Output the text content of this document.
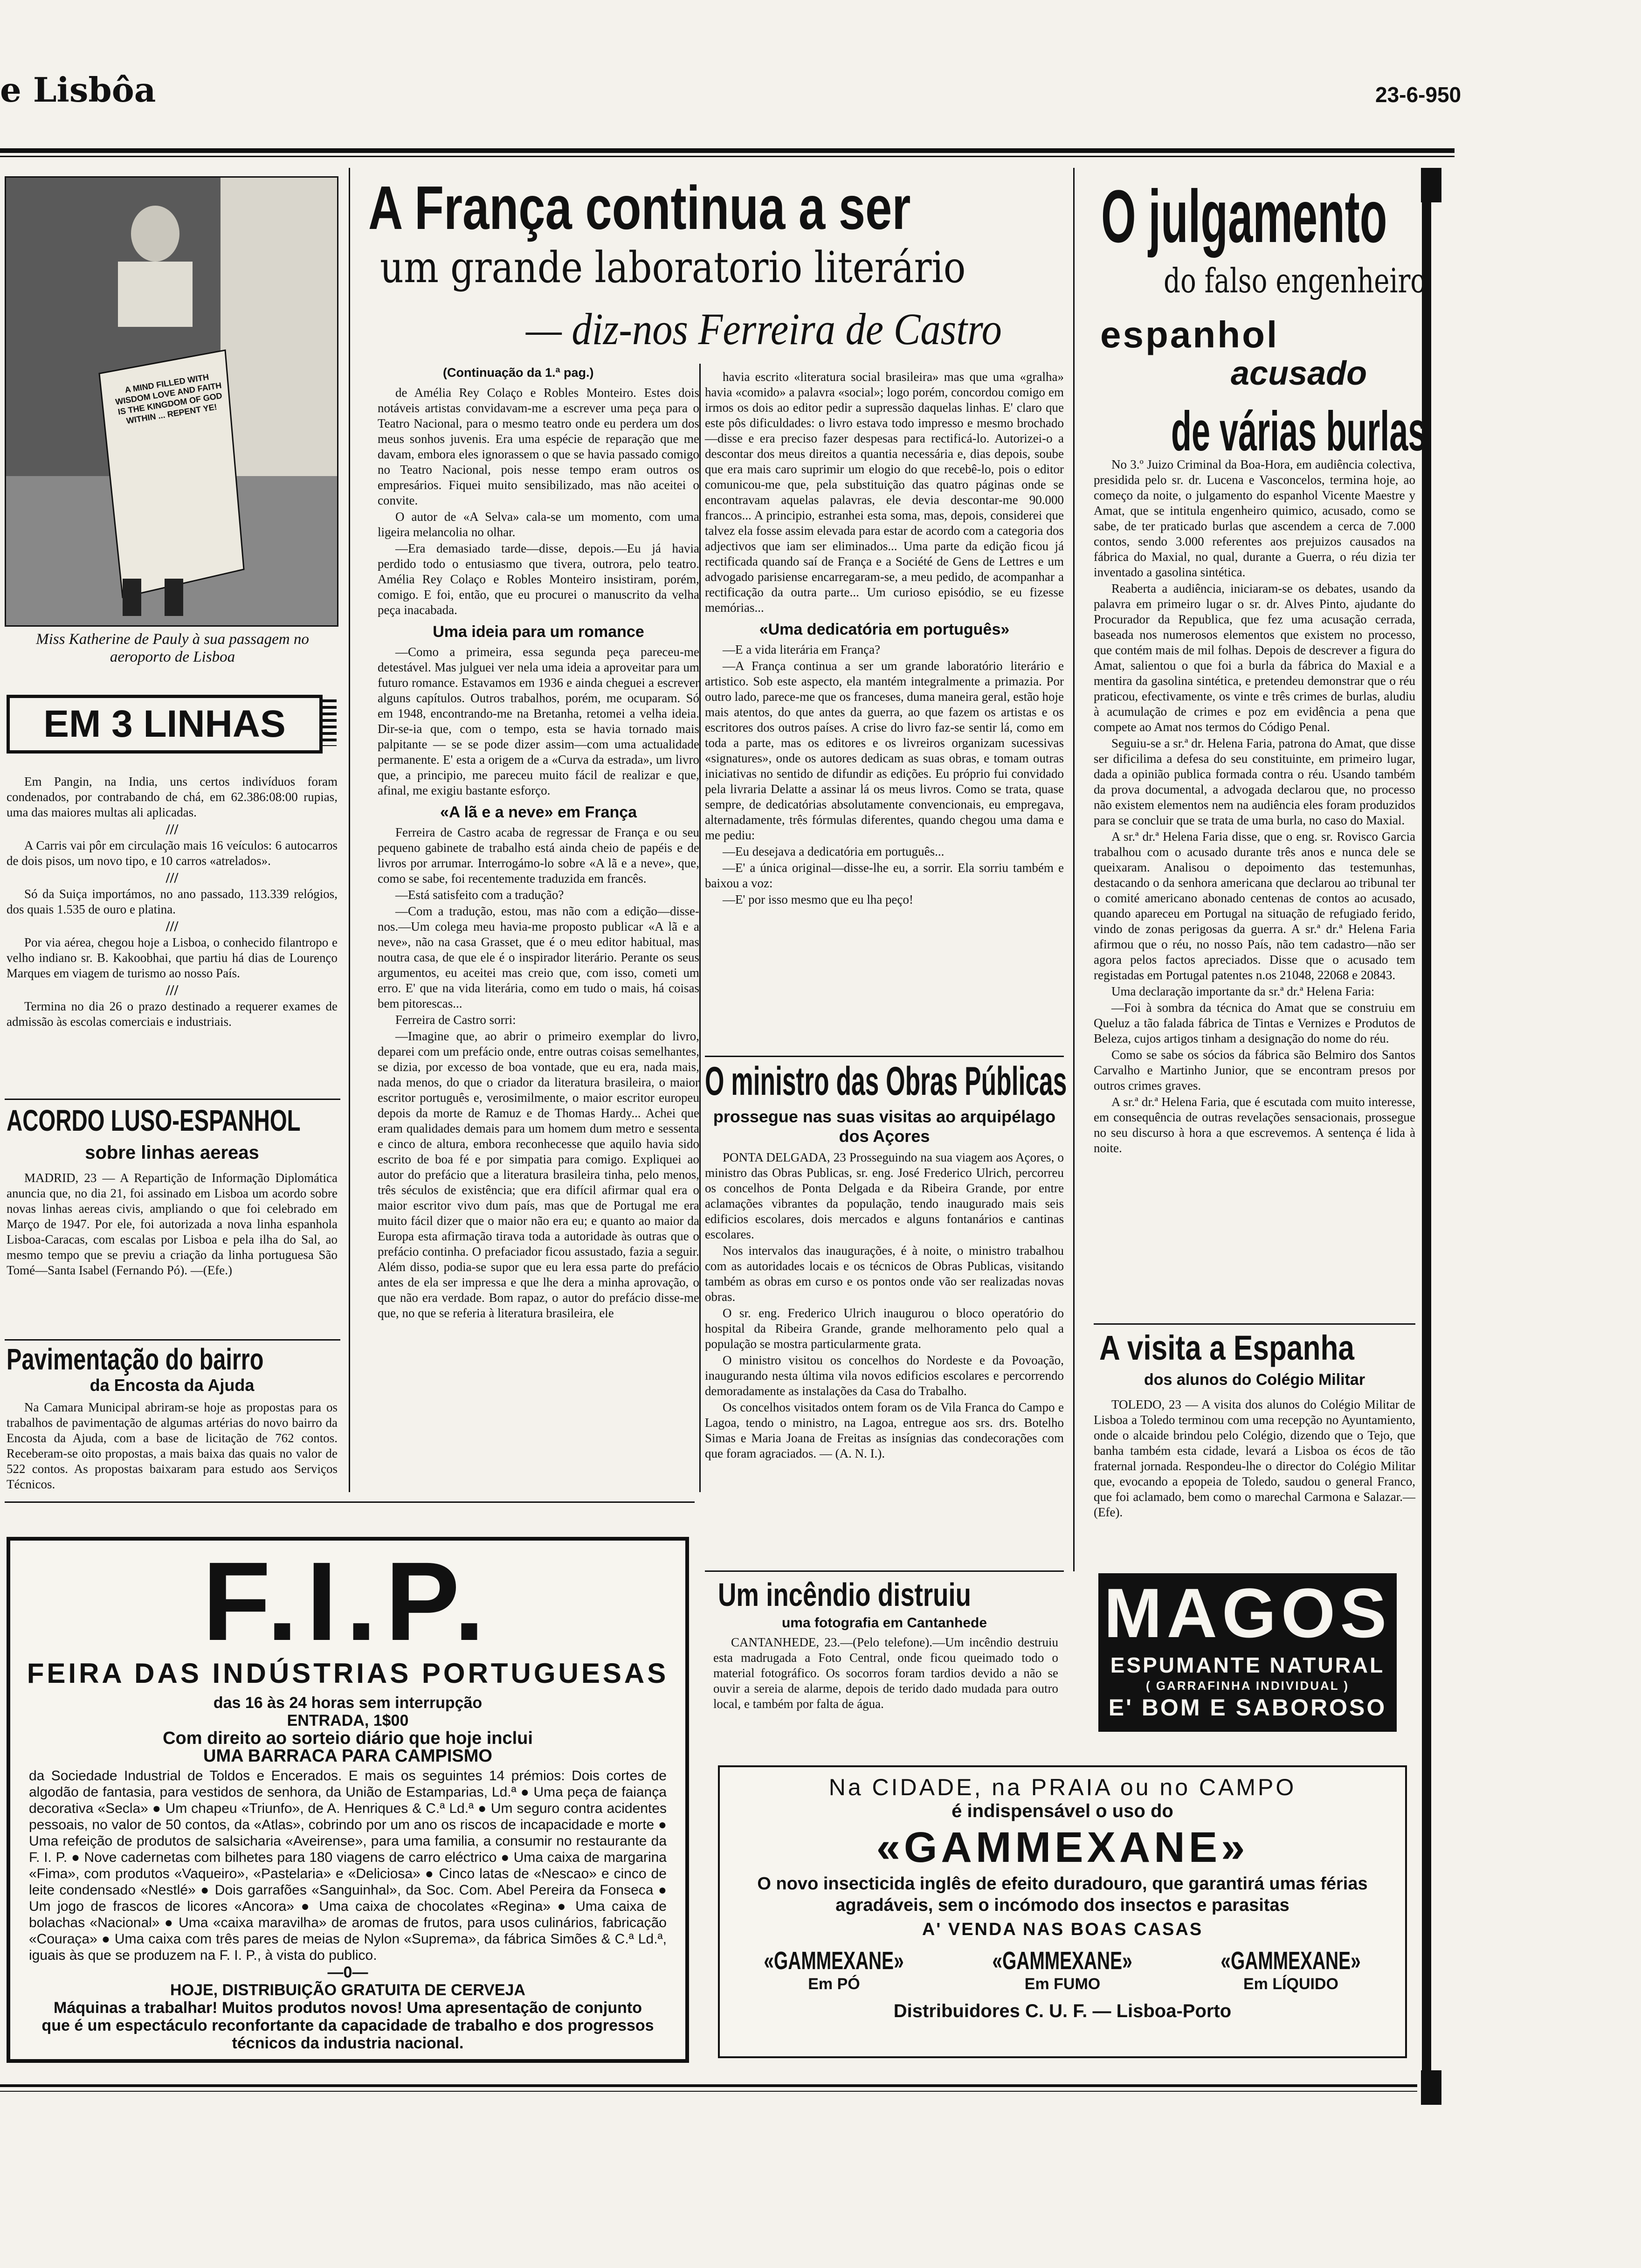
e Lisbôa	23-6-950
A MIND FILLED WITH WISDOM LOVE AND FAITH IS THE KINGDOM OF GOD WITHIN ... REPENT YE!
Miss Katherine de Pauly à sua passagem no aeroporto de Lisboa
EM 3 LINHAS

Em Pangin, na India, uns certos indivíduos foram condenados, por contrabando de chá, em 62.386:08:00 rupias, uma das maiores multas ali aplicadas.

///

A Carris vai pôr em circulação mais 16 veículos: 6 autocarros de dois pisos, um novo tipo, e 10 carros «atrelados».

///

Só da Suiça importámos, no ano passado, 113.339 relógios, dos quais 1.535 de ouro e platina.

///

Por via aérea, chegou hoje a Lisboa, o conhecido filantropo e velho indiano sr. B. Kakoobhai, que partiu há dias de Lourenço Marques em viagem de turismo ao nosso País.

///

Termina no dia 26 o prazo destinado a requerer exames de admissão às escolas comerciais e industriais.

ACORDO LUSO-ESPANHOL
sobre linhas aereas

MADRID, 23 — A Repartição de Informação Diplomática anuncia que, no dia 21, foi assinado em Lisboa um acordo sobre novas linhas aereas civis, ampliando o que foi celebrado em Março de 1947. Por ele, foi autorizada a nova linha espanhola Lisboa-Caracas, com escalas por Lisboa e pela ilha do Sal, ao mesmo tempo que se previu a criação da linha portuguesa São Tomé—Santa Isabel (Fernando Pó). —(Efe.)

Pavimentação do bairro
da Encosta da Ajuda

Na Camara Municipal abriram-se hoje as propostas para os trabalhos de pavimentação de algumas artérias do novo bairro da Encosta da Ajuda, com a base de licitação de 762 contos. Receberam-se oito propostas, a mais baixa das quais no valor de 522 contos. As propostas baixaram para estudo aos Serviços Técnicos.

A França continua a ser
um grande laboratorio literário
— diz-nos Ferreira de Castro
(Continuação da 1.ª pag.)

de Amélia Rey Colaço e Robles Monteiro. Estes dois notáveis artistas convidavam-me a escrever uma peça para o Teatro Nacional, para o mesmo teatro onde eu perdera um dos meus sonhos juvenis. Era uma espécie de reparação que me davam, embora eles ignorassem o que se havia passado comigo no Teatro Nacional, pois nesse tempo eram outros os empresários. Fiquei muito sensibilizado, mas não aceitei o convite.

O autor de «A Selva» cala-se um momento, com uma ligeira melancolia no olhar.

—Era demasiado tarde—disse, depois.—Eu já havia perdido todo o entusiasmo que tivera, outrora, pelo teatro. Amélia Rey Colaço e Robles Monteiro insistiram, porém, comigo. E foi, então, que eu procurei o manuscrito da velha peça inacabada.

Uma ideia para um romance

—Como a primeira, essa segunda peça pareceu-me detestável. Mas julguei ver nela uma ideia a aproveitar para um futuro romance. Estavamos em 1936 e ainda cheguei a escrever alguns capítulos. Outros trabalhos, porém, me ocuparam. Só em 1948, encontrando-me na Bretanha, retomei a velha ideia. Dir-se-ia que, com o tempo, esta se havia tornado mais palpitante — se se pode dizer assim—com uma actualidade permanente. E' esta a origem de a «Curva da estrada», um livro que, a principio, me pareceu muito fácil de realizar e que, afinal, me exigiu bastante esforço.

«A lã e a neve» em França

Ferreira de Castro acaba de regressar de França e ou seu pequeno gabinete de trabalho está ainda cheio de papéis e de livros por arrumar. Interrogámo-lo sobre «A lã e a neve», que, como se sabe, foi recentemente traduzida em francês.

—Está satisfeito com a tradução?

—Com a tradução, estou, mas não com a edição—disse-nos.—Um colega meu havia-me proposto publicar «A lã e a neve», não na casa Grasset, que é o meu editor habitual, mas noutra casa, de que ele é o inspirador literário. Perante os seus argumentos, eu aceitei mas creio que, com isso, cometi um erro. E' que na vida literária, como em tudo o mais, há coisas bem pitorescas...

Ferreira de Castro sorri:

—Imagine que, ao abrir o primeiro exemplar do livro, deparei com um prefácio onde, entre outras coisas semelhantes, se dizia, por excesso de boa vontade, que eu era, nada mais, nada menos, do que o criador da literatura brasileira, o maior escritor português e, verosimilmente, o maior escritor europeu depois da morte de Ramuz e de Thomas Hardy... Achei que eram qualidades demais para um homem dum metro e sessenta e cinco de altura, embora reconhecesse que aquilo havia sido escrito de boa fé e por simpatia para comigo. Expliquei ao autor do prefácio que a literatura brasileira tinha, pelo menos, três séculos de existência; que era difícil afirmar qual era o maior escritor vivo dum país, mas que de Portugal me era muito fácil dizer que o maior não era eu; e quanto ao maior da Europa esta afirmação tirava toda a autoridade às outras que o prefácio continha. O prefaciador ficou assustado, fazia a seguir. Além disso, podia-se supor que eu lera essa parte do prefácio antes de ela ser impressa e que lhe dera a minha aprovação, o que não era verdade. Bom rapaz, o autor do prefácio disse-me que, no que se referia à literatura brasileira, ele

havia escrito «literatura social brasileira» mas que uma «gralha» havia «comido» a palavra «social»; logo porém, concordou comigo em irmos os dois ao editor pedir a supressão daquelas linhas. E' claro que este pôs dificuldades: o livro estava todo impresso e mesmo brochado—disse e era preciso fazer despesas para rectificá-lo. Autorizei-o a descontar dos meus direitos a quantia necessária e, dias depois, soube que era mais caro suprimir um elogio do que recebê-lo, pois o editor comunicou-me que, pela substituição das quatro páginas onde se encontravam aquelas palavras, ele devia descontar-me 90.000 francos... A principio, estranhei esta soma, mas, depois, considerei que talvez ela fosse assim elevada para estar de acordo com a categoria dos adjectivos que iam ser eliminados... Uma parte da edição ficou já rectificada quando saí de França e a Société de Gens de Lettres e um advogado parisiense encarregaram-se, a meu pedido, de acompanhar a rectificação da outra parte... Um curioso episódio, se eu fizesse memórias...

«Uma dedicatória em português»

—E a vida literária em França?

—A França continua a ser um grande laboratório literário e artistico. Sob este aspecto, ela mantém integralmente a primazia. Por outro lado, parece-me que os franceses, duma maneira geral, estão hoje mais atentos, do que antes da guerra, ao que fazem os artistas e os escritores dos outros países. A crise do livro faz-se sentir lá, como em toda a parte, mas os editores e os livreiros organizam sucessivas «signatures», onde os autores dedicam as suas obras, e tomam outras iniciativas no sentido de difundir as edições. Eu próprio fui convidado pela livraria Delatte a assinar lá os meus livros. Como se trata, quase sempre, de dedicatórias absolutamente convencionais, eu empregava, alternadamente, três fórmulas diferentes, quando chegou uma dama e me pediu:

—Eu desejava a dedicatória em português...

—E' a única original—disse-lhe eu, a sorrir. Ela sorriu também e baixou a voz:

—E' por isso mesmo que eu lha peço!

O ministro das Obras Públicas
prossegue nas suas visitas ao arquipélago dos Açores

PONTA DELGADA, 23 Prosseguindo na sua viagem aos Açores, o ministro das Obras Publicas, sr. eng. José Frederico Ulrich, percorreu os concelhos de Ponta Delgada e da Ribeira Grande, por entre aclamações vibrantes da população, tendo inaugurado mais seis edificios escolares, dois mercados e alguns fontanários e cantinas escolares.

Nos intervalos das inaugurações, é à noite, o ministro trabalhou com as autoridades locais e os técnicos de Obras Publicas, visitando também as obras em curso e os pontos onde vão ser realizadas novas obras.

O sr. eng. Frederico Ulrich inaugurou o bloco operatório do hospital da Ribeira Grande, grande melhoramento pelo qual a população se mostra particularmente grata.

O ministro visitou os concelhos do Nordeste e da Povoação, inaugurando nesta última vila novos edificios escolares e percorrendo demoradamente as instalações da Casa do Trabalho.

Os concelhos visitados ontem foram os de Vila Franca do Campo e Lagoa, tendo o ministro, na Lagoa, entregue aos srs. drs. Botelho Simas e Maria Joana de Freitas as insígnias das condecorações com que foram agraciados. — (A. N. I.).

Um incêndio distruiu
uma fotografia em Cantanhede

CANTANHEDE, 23.—(Pelo telefone).—Um incêndio destruiu esta madrugada a Foto Central, onde ficou queimado todo o material fotográfico. Os socorros foram tardios devido a não se ouvir a sereia de alarme, depois de terido dado mudada para outro local, e também por falta de água.

O julgamento
do falso engenheiro
espanhol
acusado
de várias burlas

No 3.º Juizo Criminal da Boa-Hora, em audiência colectiva, presidida pelo sr. dr. Lucena e Vasconcelos, termina hoje, ao começo da noite, o julgamento do espanhol Vicente Maestre y Amat, que se intitula engenheiro quimico, acusado, como se sabe, de ter praticado burlas que ascendem a cerca de 7.000 contos, sendo 3.000 referentes aos prejuizos causados na fábrica do Maxial, no qual, durante a Guerra, o réu dizia ter inventado a gasolina sintética.

Reaberta a audiência, iniciaram-se os debates, usando da palavra em primeiro lugar o sr. dr. Alves Pinto, ajudante do Procurador da Republica, que fez uma acusação cerrada, baseada nos numerosos elementos que existem no processo, que contém mais de mil folhas. Depois de descrever a figura do Amat, salientou o que foi a burla da fábrica do Maxial e a mentira da gasolina sintética, e pretendeu demonstrar que o réu praticou, efectivamente, os vinte e três crimes de burlas, aludiu à acumulação de crimes e poz em evidência a pena que compete ao Amat nos termos do Código Penal.

Seguiu-se a sr.ª dr. Helena Faria, patrona do Amat, que disse ser dificilima a defesa do seu constituinte, em primeiro lugar, dada a opinião publica formada contra o réu. Usando também da prova documental, a advogada declarou que, no processo não existem elementos nem na audiência eles foram produzidos para se concluir que se trata de uma burla, no caso do Maxial.

A sr.ª dr.ª Helena Faria disse, que o eng. sr. Rovisco Garcia trabalhou com o acusado durante três anos e nunca dele se queixaram. Analisou o depoimento das testemunhas, destacando o da senhora americana que declarou ao tribunal ter o comité americano abonado centenas de contos ao acusado, quando apareceu em Portugal na situação de refugiado ferido, vindo de zonas perigosas da guerra. A sr.ª dr.ª Helena Faria afirmou que o réu, no nosso País, não tem cadastro—não ser agora pelos factos apreciados. Disse que o acusado tem registadas em Portugal patentes n.os 21048, 22068 e 20843.

Uma declaração importante da sr.ª dr.ª Helena Faria:

—Foi à sombra da técnica do Amat que se construiu em Queluz a tão falada fábrica de Tintas e Vernizes e Produtos de Beleza, cujos artigos tinham a designação do nome do réu.

Como se sabe os sócios da fábrica são Belmiro dos Santos Carvalho e Martinho Junior, que se encontram presos por outros crimes graves.

A sr.ª dr.ª Helena Faria, que é escutada com muito interesse, em consequência de outras revelações sensacionais, prossegue no seu discurso à hora a que escrevemos. A sentença é lida à noite.

A visita a Espanha
dos alunos do Colégio Militar

TOLEDO, 23 — A visita dos alunos do Colégio Militar de Lisboa a Toledo terminou com uma recepção no Ayuntamiento, onde o alcaide brindou pelo Colégio, dizendo que o Tejo, que banha também esta cidade, levará a Lisboa os écos de tão fraternal jornada. Respondeu-lhe o director do Colégio Militar que, evocando a epopeia de Toledo, saudou o general Franco, que foi aclamado, bem como o marechal Carmona e Salazar.—(Efe).

F.I.P.
FEIRA DAS INDÚSTRIAS PORTUGUESAS
das 16 às 24 horas sem interrupção
ENTRADA, 1$00
Com direito ao sorteio diário que hoje inclui
UMA BARRACA PARA CAMPISMO
da Sociedade Industrial de Toldos e Encerados. E mais os seguintes 14 prémios: Dois cortes de algodão de fantasia, para vestidos de senhora, da União de Estamparias, Ld.ª ● Uma peça de faiança decorativa «Secla» ● Um chapeu «Triunfo», de A. Henriques & C.ª Ld.ª ● Um seguro contra acidentes pessoais, no valor de 50 contos, da «Atlas», cobrindo por um ano os riscos de incapacidade e morte ● Uma refeição de produtos de salsicharia «Aveirense», para uma familia, a consumir no restaurante da F. I. P. ● Nove cadernetas com bilhetes para 180 viagens de carro eléctrico ● Uma caixa de margarina «Fima», com produtos «Vaqueiro», «Pastelaria» e «Deliciosa» ● Cinco latas de «Nescao» e cinco de leite condensado «Nestlé» ● Dois garrafões «Sanguinhal», da Soc. Com. Abel Pereira da Fonseca ● Um jogo de frascos de licores «Ancora» ● Uma caixa de chocolates «Regina» ● Uma caixa de bolachas «Nacional» ● Uma «caixa maravilha» de aromas de frutos, para usos culinários, fabricação «Couraça» ● Uma caixa com três pares de meias de Nylon «Suprema», da fábrica Simões & C.ª Ld.ª, iguais às que se produzem na F. I. P., à vista do publico.
—0—
HOJE, DISTRIBUIÇÃO GRATUITA DE CERVEJA
Máquinas a trabalhar! Muitos produtos novos! Uma apresentação de conjunto que é um espectáculo reconfortante da capacidade de trabalho e dos progressos técnicos da industria nacional.
MAGOS
ESPUMANTE NATURAL
( GARRAFINHA INDIVIDUAL )
E' BOM E SABOROSO
Na CIDADE, na PRAIA ou no CAMPO
é indispensável o uso do
«GAMMEXANE»
O novo insecticida inglês de efeito duradouro, que garantirá umas férias agradáveis, sem o incómodo dos insectos e parasitas
A' VENDA NAS BOAS CASAS
«GAMMEXANE»
Em PÓ
«GAMMEXANE»
Em FUMO
«GAMMEXANE»
Em LÍQUIDO
Distribuidores C. U. F. — Lisboa-Porto
